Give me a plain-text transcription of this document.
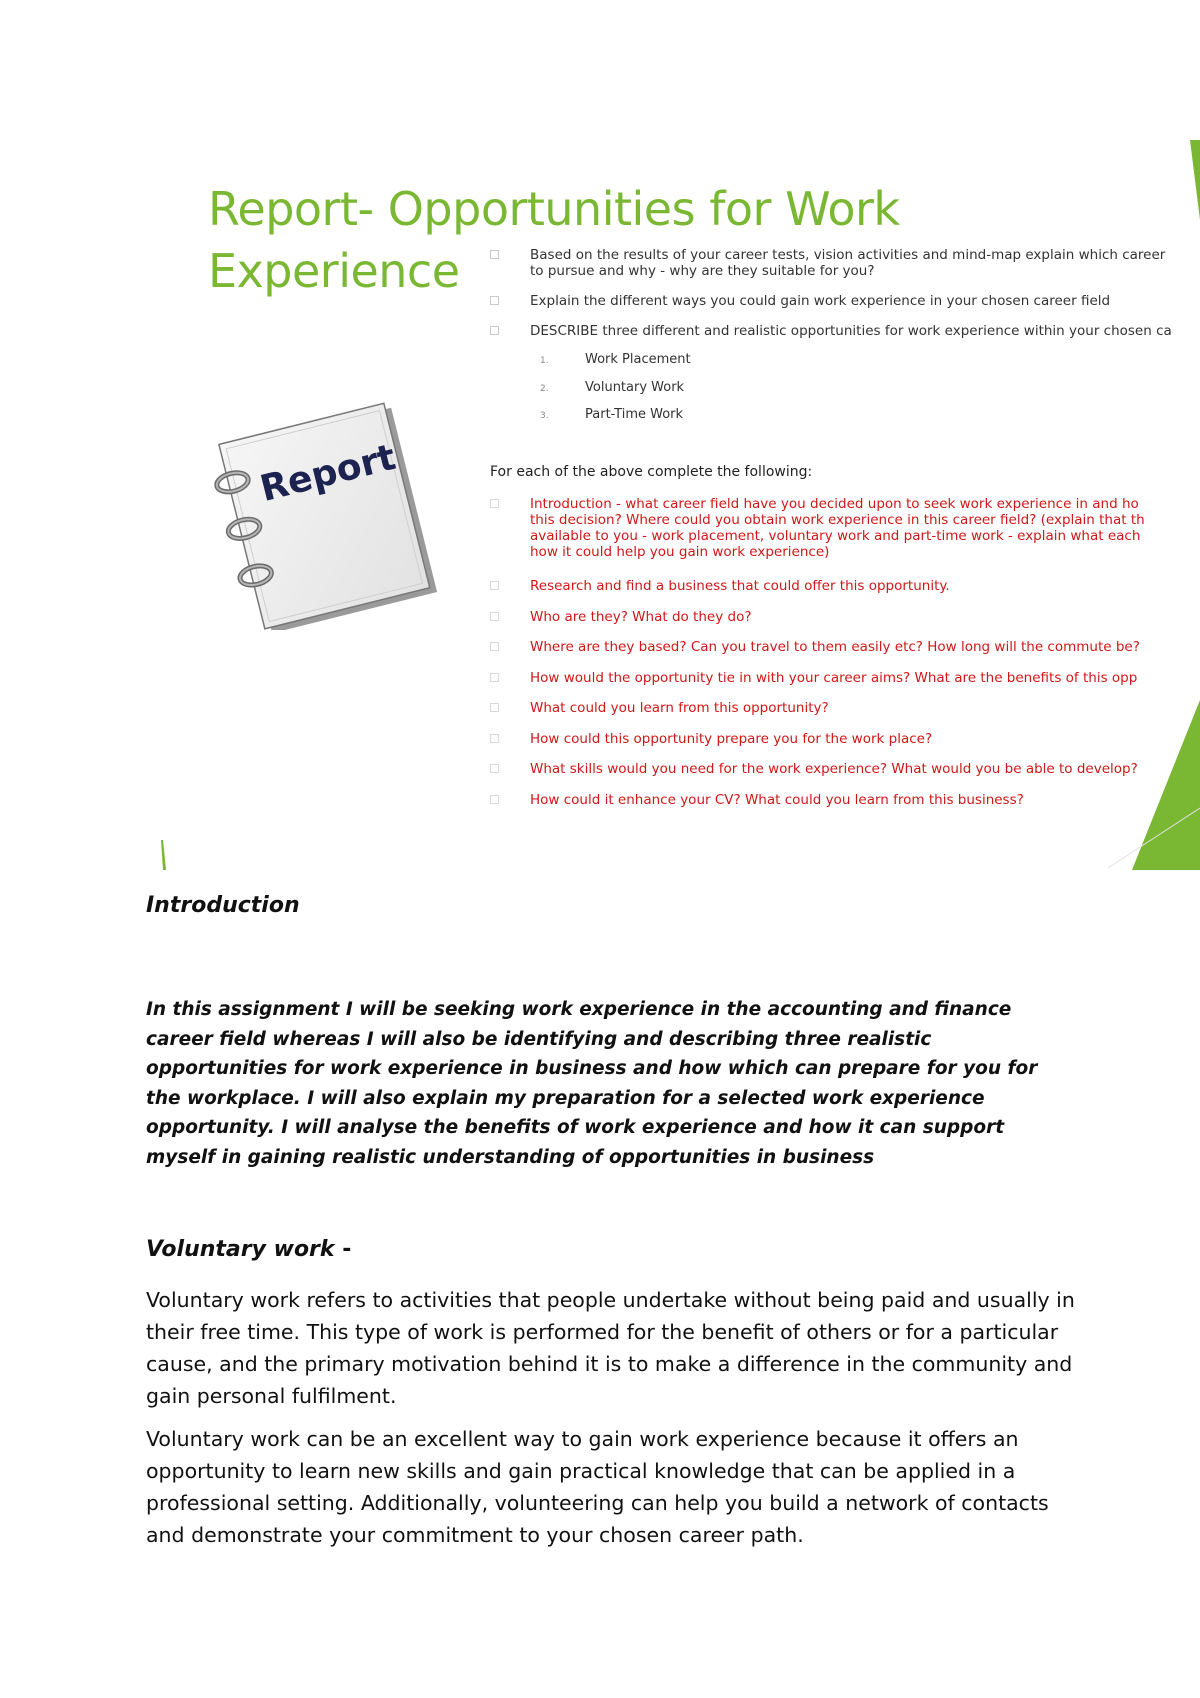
Report- Opportunities for Work
Experience	Based on the results of your career tests, vision activities and mind-map explain which career
to pursue and why - why are they suitable for you?
Explain the different ways you could gain work experience in your chosen career field
DESCRIBE three different and realistic opportunities for work experience within your chosen ca
1.	Work Placement
2.	Voluntary Work
3.	Part-Time Work

For each of the above complete the following:

Introduction - what career field have you decided upon to seek work experience in and ho
this decision? Where could you obtain work experience in this career field? (explain that th
available to you - work placement, voluntary work and part-time work - explain what each
how it could help you gain work experience)
Research and find a business that could offer this opportunity.
Who are they? What do they do?
Where are they based? Can you travel to them easily etc? How long will the commute be?
How would the opportunity tie in with your career aims? What are the benefits of this opp
What could you learn from this opportunity?
How could this opportunity prepare you for the work place?
What skills would you need for the work experience? What would you be able to develop?
How could it enhance your CV? What could you learn from this business?
Report
Introduction

In this assignment I will be seeking work experience in the accounting and finance career field whereas I will also be identifying and describing three realistic opportunities for work experience in business and how which can prepare for you for the workplace. I will also explain my preparation for a selected work experience opportunity. I will analyse the benefits of work experience and how it can support myself in gaining realistic understanding of opportunities in business

Voluntary work -

Voluntary work refers to activities that people undertake without being paid and usually in their free time. This type of work is performed for the benefit of others or for a particular cause, and the primary motivation behind it is to make a difference in the community and gain personal fulfilment.

Voluntary work can be an excellent way to gain work experience because it offers an opportunity to learn new skills and gain practical knowledge that can be applied in a professional setting. Additionally, volunteering can help you build a network of contacts and demonstrate your commitment to your chosen career path.
